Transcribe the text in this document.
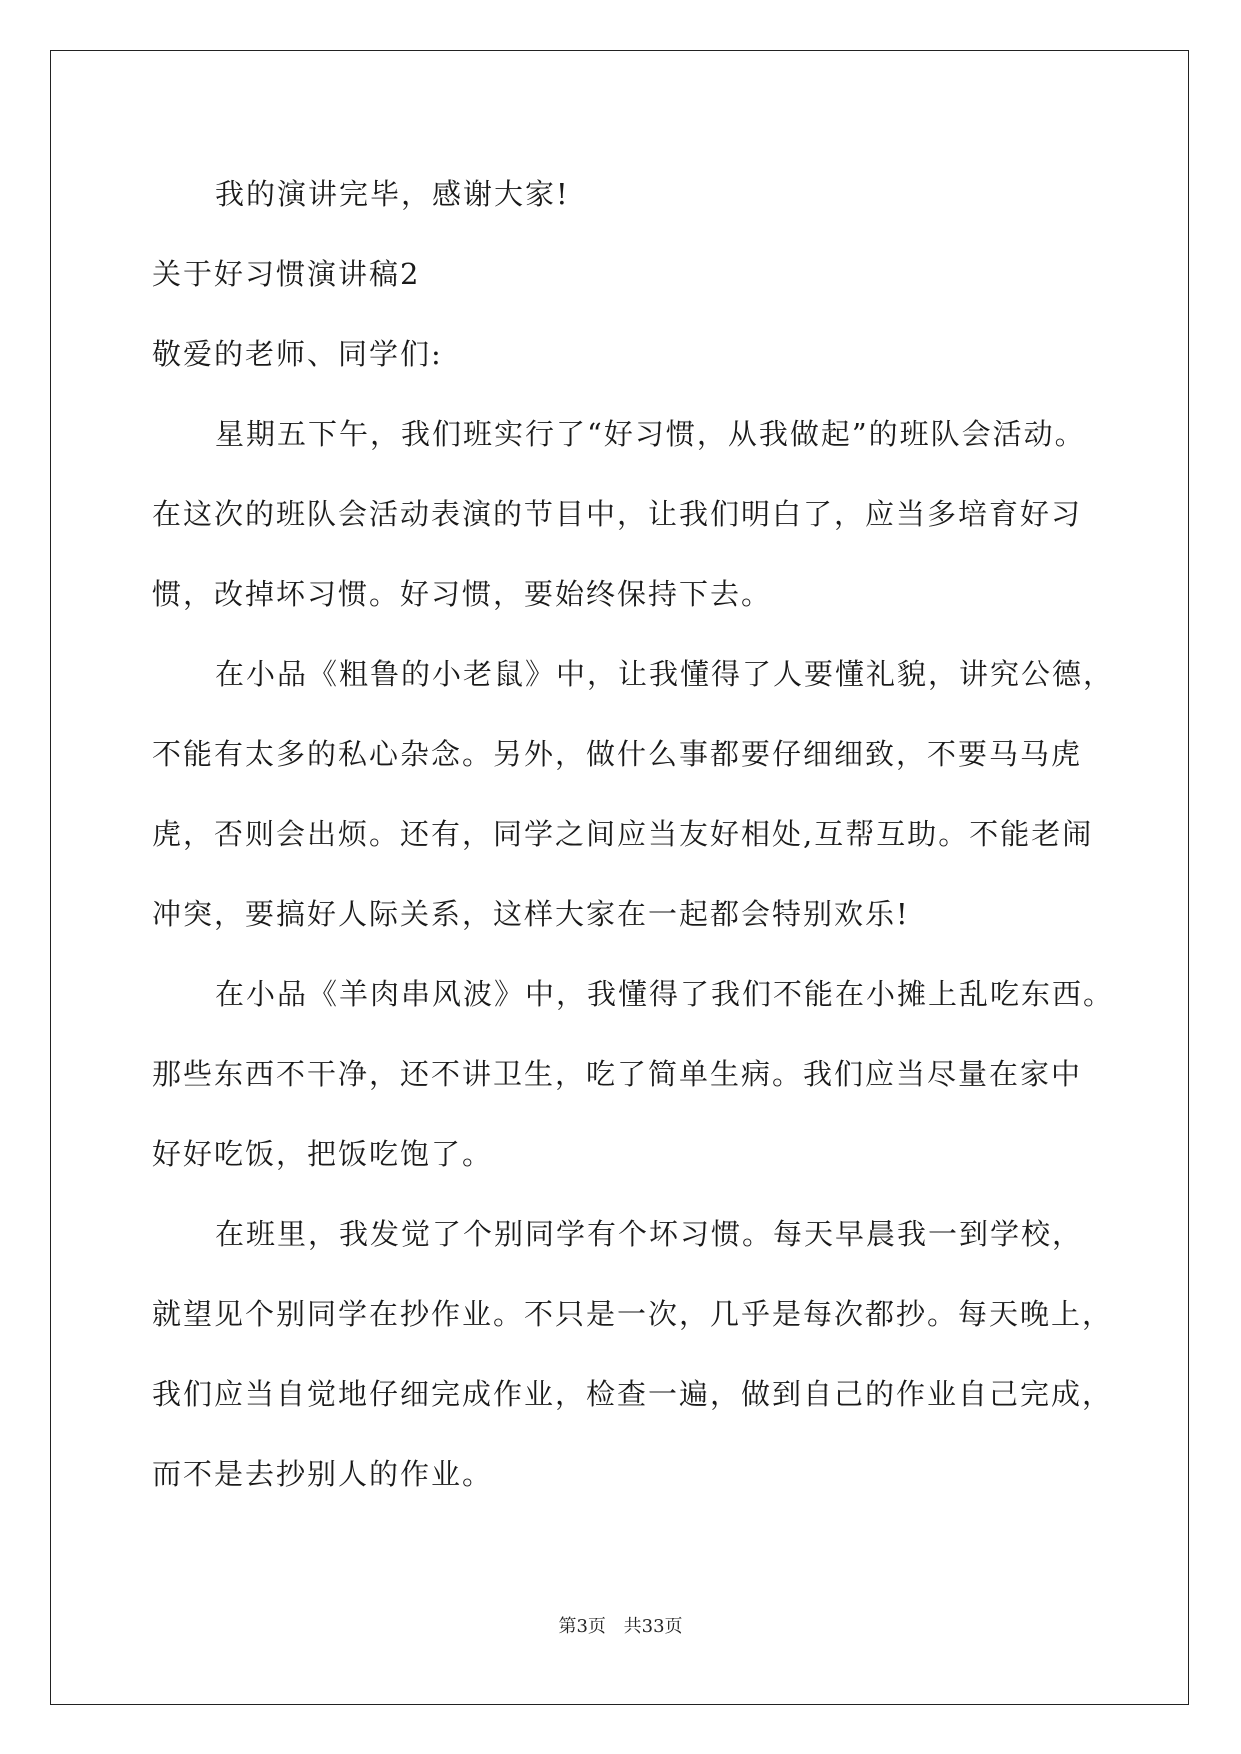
我的演讲完毕，感谢大家!
关于好习惯演讲稿2
敬爱的老师、同学们:
星期五下午，我们班实行了“好习惯，从我做起”的班队会活动。
在这次的班队会活动表演的节目中，让我们明白了，应当多培育好习
惯，改掉坏习惯。好习惯，要始终保持下去。
在小品《粗鲁的小老鼠》中，让我懂得了人要懂礼貌，讲究公德，
不能有太多的私心杂念。另外，做什么事都要仔细细致，不要马马虎
虎，否则会出烦。还有，同学之间应当友好相处,互帮互助。不能老闹
冲突，要搞好人际关系，这样大家在一起都会特别欢乐!
在小品《羊肉串风波》中，我懂得了我们不能在小摊上乱吃东西。
那些东西不干净，还不讲卫生，吃了简单生病。我们应当尽量在家中
好好吃饭，把饭吃饱了。
在班里，我发觉了个别同学有个坏习惯。每天早晨我一到学校，
就望见个别同学在抄作业。不只是一次，几乎是每次都抄。每天晚上，
我们应当自觉地仔细完成作业，检查一遍，做到自己的作业自己完成，
而不是去抄别人的作业。
第3页 共33页
